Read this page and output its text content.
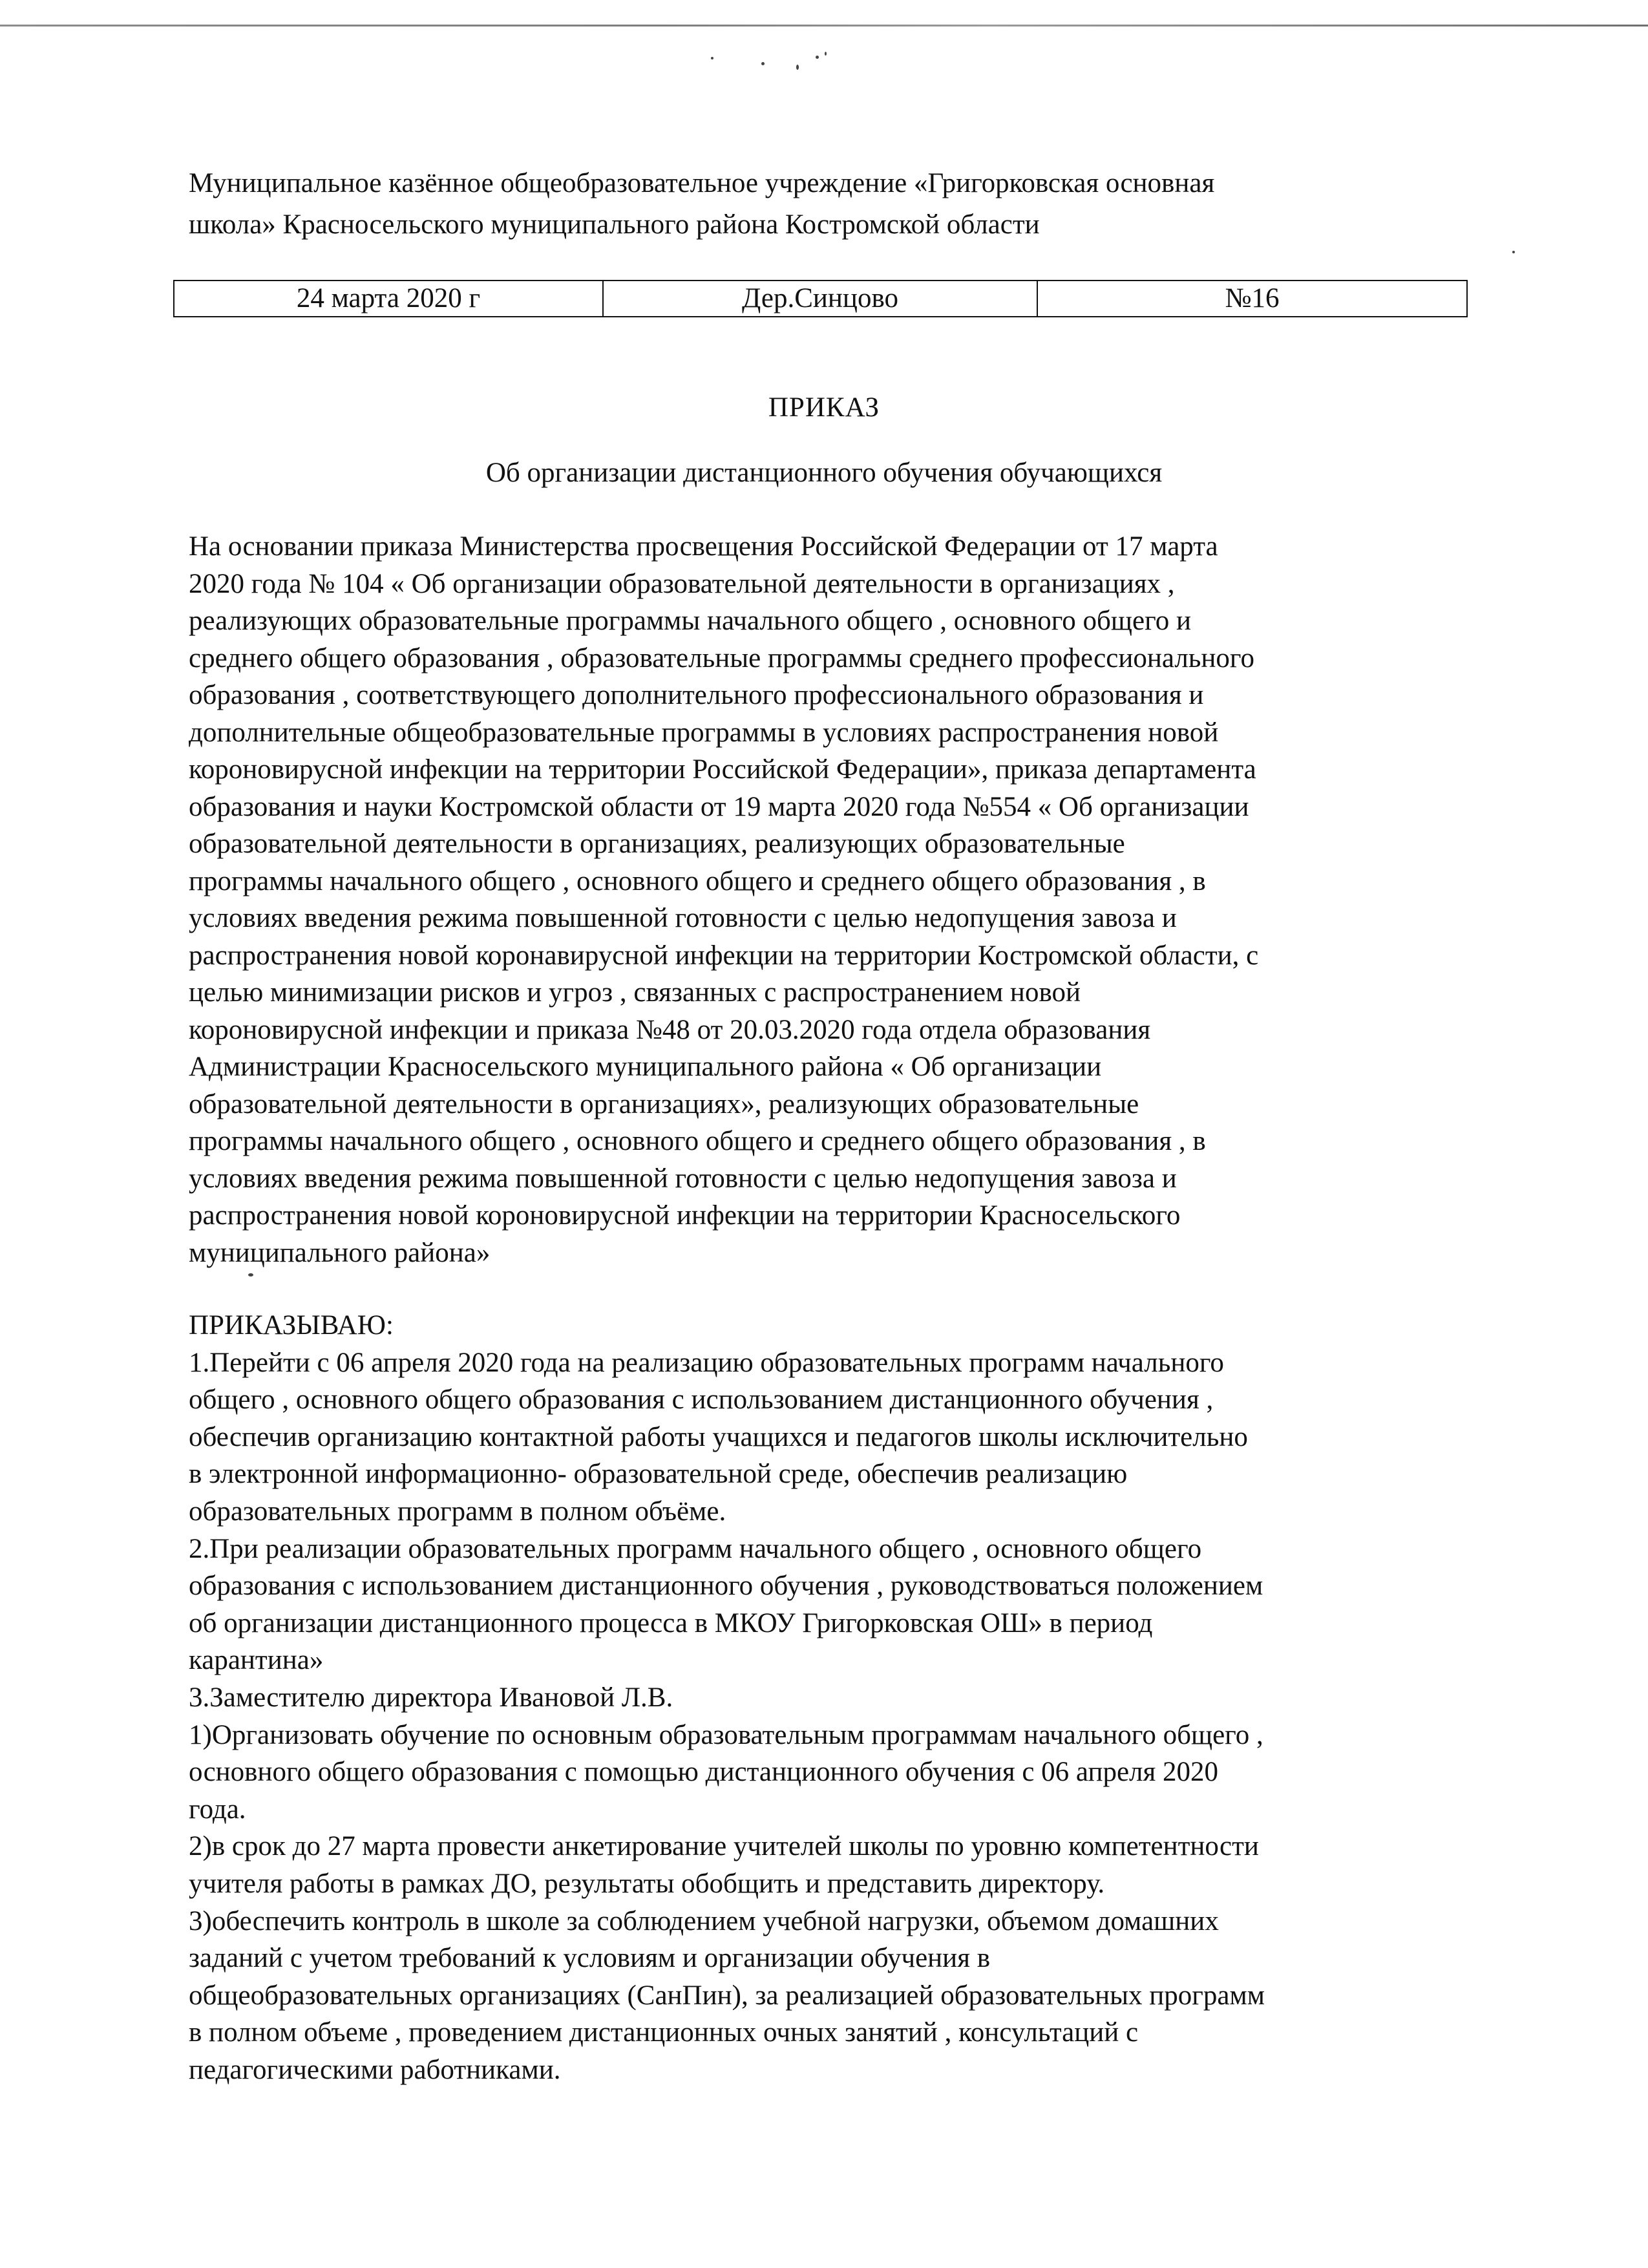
Муниципальное казённое общеобразовательное учреждение «Григорковская основная
школа» Красносельского муниципального района Костромской области
24 марта 2020 г	Дер.Синцово	№16
ПРИКАЗ
Об организации дистанционного обучения обучающихся
На основании приказа Министерства просвещения Российской Федерации от 17 марта
2020 года № 104 « Об организации образовательной деятельности в организациях ,
реализующих образовательные программы начального общего , основного общего и
среднего общего образования , образовательные программы среднего профессионального
образования , соответствующего дополнительного профессионального образования и
дополнительные общеобразовательные программы в условиях распространения новой
короновирусной инфекции на территории Российской Федерации», приказа департамента
образования и науки Костромской области от 19 марта 2020 года №554 « Об организации
образовательной деятельности в организациях, реализующих образовательные
программы начального общего , основного общего и среднего общего образования , в
условиях введения режима повышенной готовности с целью недопущения завоза и
распространения новой коронавирусной инфекции на территории Костромской области, с
целью минимизации рисков и угроз , связанных с распространением новой
короновирусной инфекции и приказа №48 от 20.03.2020 года отдела образования
Администрации Красносельского муниципального района « Об организации
образовательной деятельности в организациях», реализующих образовательные
программы начального общего , основного общего и среднего общего образования , в
условиях введения режима повышенной готовности с целью недопущения завоза и
распространения новой короновирусной инфекции на территории Красносельского
муниципального района»
ПРИКАЗЫВАЮ:
1.Перейти с 06 апреля 2020 года на реализацию образовательных программ начального
общего , основного общего образования с использованием дистанционного обучения ,
обеспечив организацию контактной работы учащихся и педагогов школы исключительно
в электронной информационно- образовательной среде, обеспечив реализацию
образовательных программ в полном объёме.
2.При реализации образовательных программ начального общего , основного общего
образования с использованием дистанционного обучения , руководствоваться положением
об организации дистанционного процесса в МКОУ Григорковская ОШ» в период
карантина»
3.Заместителю директора Ивановой Л.В.
1)Организовать обучение по основным образовательным программам начального общего ,
основного общего образования с помощью дистанционного обучения с 06 апреля 2020
года.
2)в срок до 27 марта провести анкетирование учителей школы по уровню компетентности
учителя работы в рамках ДО, результаты обобщить и представить директору.
3)обеспечить контроль в школе за соблюдением учебной нагрузки, объемом домашних
заданий с учетом требований к условиям и организации обучения в
общеобразовательных организациях (СанПин), за реализацией образовательных программ
в полном объеме , проведением дистанционных очных занятий , консультаций с
педагогическими работниками.
